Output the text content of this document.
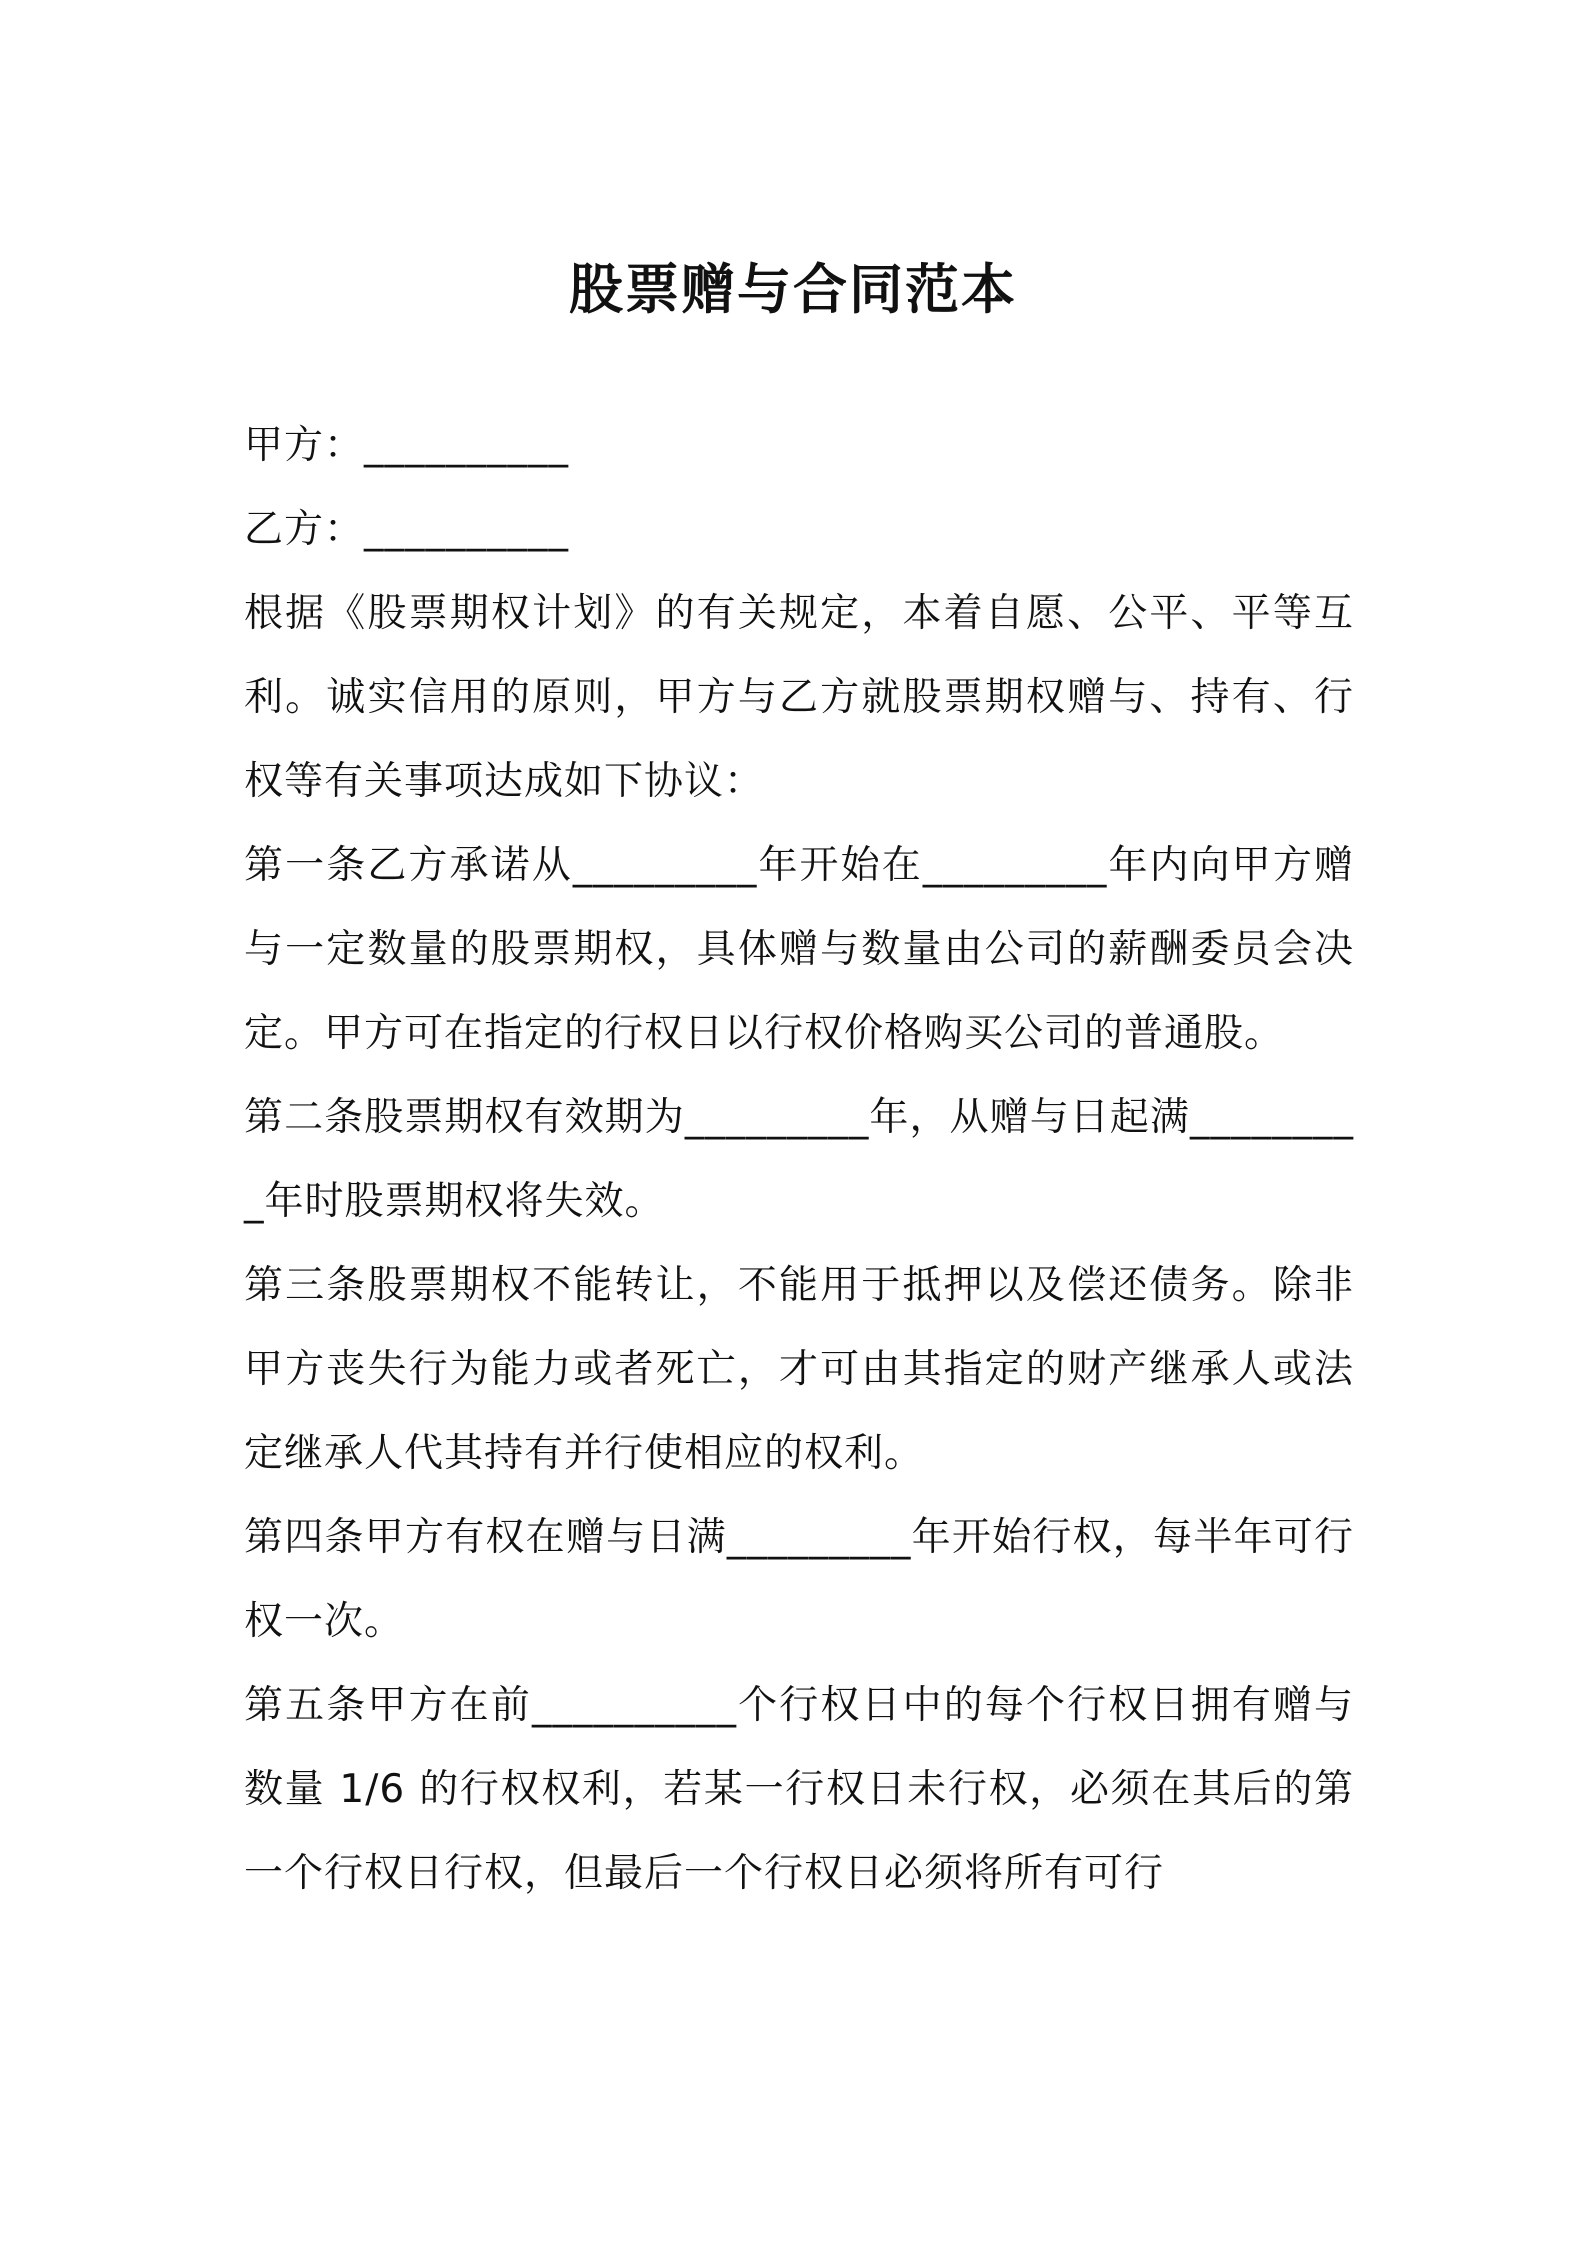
股票赠与合同范本

甲方：__________

乙方：__________

根据《股票期权计划》的有关规定，本着自愿、公平、平等互利。诚实信用的原则，甲方与乙方就股票期权赠与、持有、行权等有关事项达成如下协议：

第一条乙方承诺从_________年开始在_________年内向甲方赠与一定数量的股票期权，具体赠与数量由公司的薪酬委员会决定。甲方可在指定的行权日以行权价格购买公司的普通股。

第二条股票期权有效期为_________年，从赠与日起满_________年时股票期权将失效。

第三条股票期权不能转让，不能用于抵押以及偿还债务。除非甲方丧失行为能力或者死亡，才可由其指定的财产继承人或法定继承人代其持有并行使相应的权利。

第四条甲方有权在赠与日满_________年开始行权，每半年可行权一次。

第五条甲方在前__________个行权日中的每个行权日拥有赠与数量 1/6 的行权权利，若某一行权日未行权，必须在其后的第一个行权日行权，但最后一个行权日必须将所有可行
